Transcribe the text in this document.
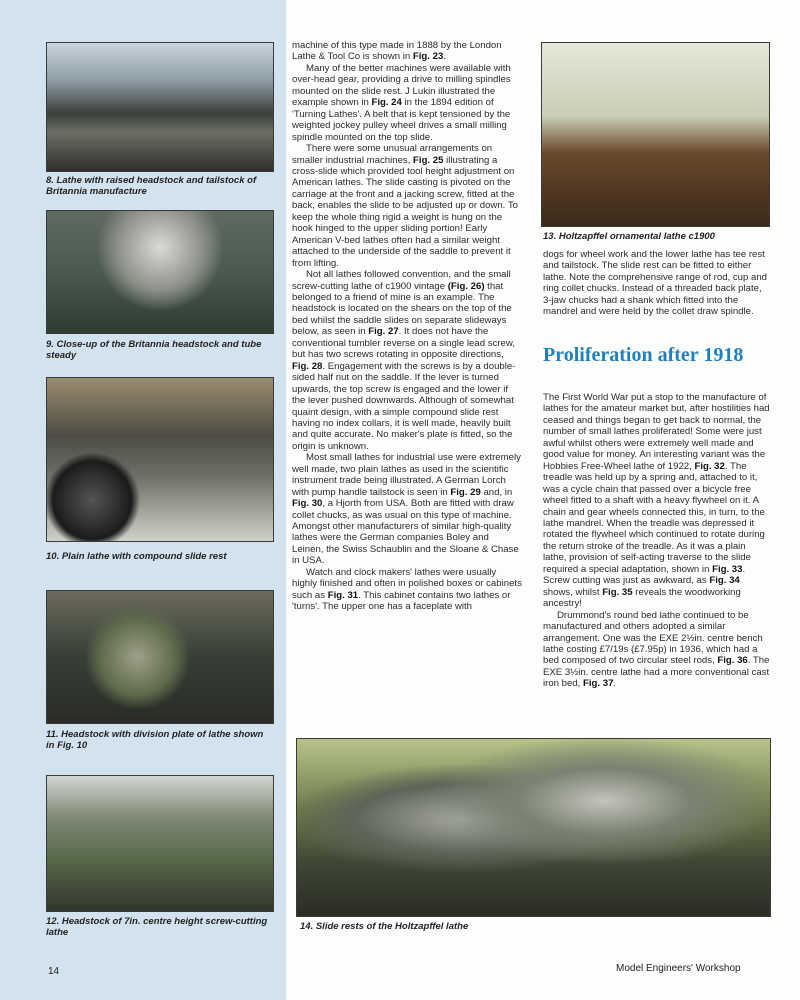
8. Lathe with raised headstock and tailstock of Britannia manufacture
9. Close-up of the Britannia headstock and tube steady
10. Plain lathe with compound slide rest
11. Headstock with division plate of lathe shown in Fig. 10
12. Headstock of 7in. centre height screw-cutting lathe

machine of this type made in 1888 by the London Lathe & Tool Co is shown in Fig. 23.

Many of the better machines were available with over-head gear, providing a drive to milling spindles mounted on the slide rest. J Lukin illustrated the example shown in Fig. 24 in the 1894 edition of 'Turning Lathes'. A belt that is kept tensioned by the weighted jockey pulley wheel drives a small milling spindle mounted on the top slide.

There were some unusual arrangements on smaller industrial machines, Fig. 25 illustrating a cross-slide which provided tool height adjustment on American lathes. The slide casting is pivoted on the carriage at the front and a jacking screw, fitted at the back, enables the slide to be adjusted up or down. To keep the whole thing rigid a weight is hung on the hook hinged to the upper sliding portion! Early American V-bed lathes often had a similar weight attached to the underside of the saddle to prevent it from lifting.

Not all lathes followed convention, and the small screw-cutting lathe of c1900 vintage (Fig. 26) that belonged to a friend of mine is an example. The headstock is located on the shears on the top of the bed whilst the saddle slides on separate slideways below, as seen in Fig. 27. It does not have the conventional tumbler reverse on a single lead screw, but has two screws rotating in opposite directions, Fig. 28. Engagement with the screws is by a double-sided half nut on the saddle. If the lever is turned upwards, the top screw is engaged and the lower if the lever pushed downwards. Although of somewhat quaint design, with a simple compound slide rest having no index collars, it is well made, heavily built and quite accurate. No maker's plate is fitted, so the origin is unknown.

Most small lathes for industrial use were extremely well made, two plain lathes as used in the scientific instrument trade being illustrated. A German Lorch with pump handle tailstock is seen in Fig. 29 and, in Fig. 30, a Hjorth from USA. Both are fitted with draw collet chucks, as was usual on this type of machine. Amongst other manufacturers of similar high-quality lathes were the German companies Boley and Leinen, the Swiss Schaublin and the Sloane & Chase in USA.

Watch and clock makers' lathes were usually highly finished and often in polished boxes or cabinets such as Fig. 31. This cabinet contains two lathes or 'turns'. The upper one has a faceplate with

13. Holtzapffel ornamental lathe c1900

dogs for wheel work and the lower lathe has tee rest and tailstock. The slide rest can be fitted to either lathe. Note the comprehensive range of rod, cup and ring collet chucks. Instead of a threaded back plate, 3-jaw chucks had a shank which fitted into the mandrel and were held by the collet draw spindle.

Proliferation after 1918

The First World War put a stop to the manufacture of lathes for the amateur market but, after hostilities had ceased and things began to get back to normal, the number of small lathes proliferated! Some were just awful whilst others were extremely well made and good value for money. An interesting variant was the Hobbies Free-Wheel lathe of 1922, Fig. 32. The treadle was held up by a spring and, attached to it, was a cycle chain that passed over a bicycle free wheel fitted to a shaft with a heavy flywheel on it. A chain and gear wheels connected this, in turn, to the lathe mandrel. When the treadle was depressed it rotated the flywheel which continued to rotate during the return stroke of the treadle. As it was a plain lathe, provision of self-acting traverse to the slide required a special adaptation, shown in Fig. 33. Screw cutting was just as awkward, as Fig. 34 shows, whilst Fig. 35 reveals the woodworking ancestry!

Drummond's round bed lathe continued to be manufactured and others adopted a similar arrangement. One was the EXE 2½in. centre bench lathe costing £7/19s (£7.95p) in 1936, which had a bed composed of two circular steel rods, Fig. 36. The EXE 3½in. centre lathe had a more conventional cast iron bed, Fig. 37.

14. Slide rests of the Holtzapffel lathe
14	Model Engineers' Workshop
